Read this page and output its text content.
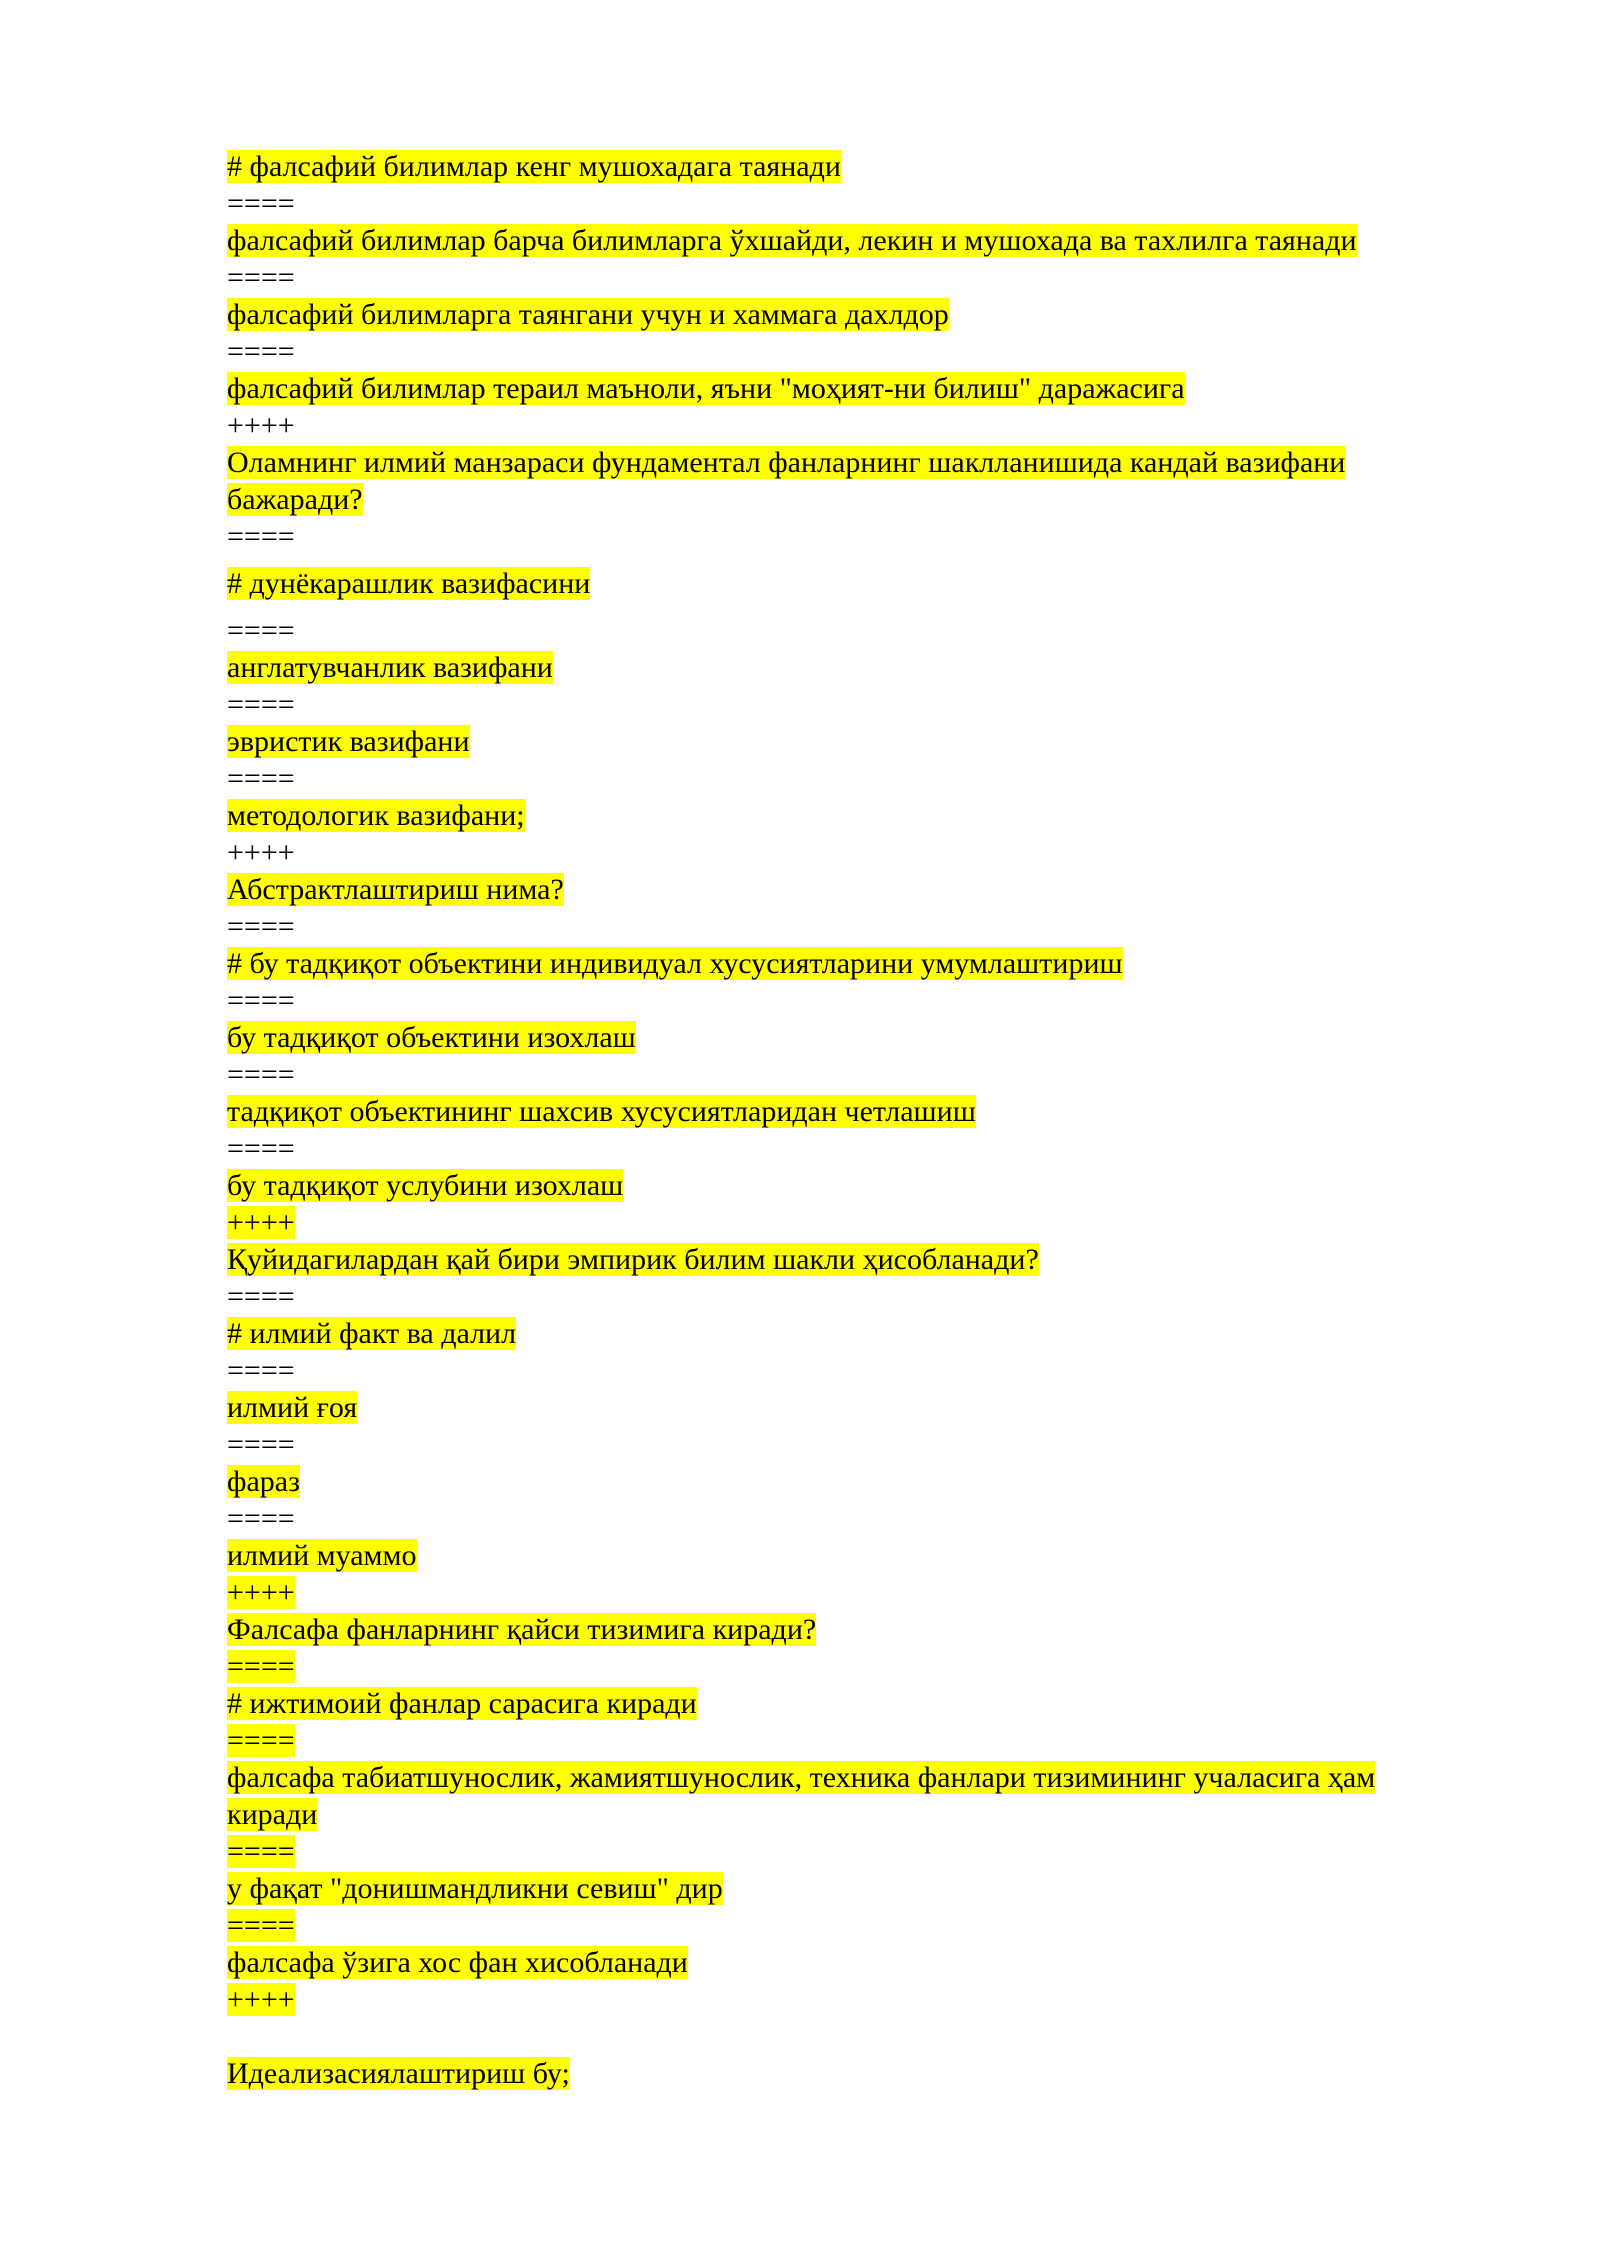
# фалсафий билимлар кенг мушохадага таянади
====
фалсафий билимлар барча билимларга ўхшайди, лекин и мушохада ва тахлилга таянади
====
фалсафий билимларга таянгани учун и хаммага дахлдор
====
фалсафий билимлар тераил маъноли, яъни "моҳият-ни билиш" даражасига
++++
Оламнинг илмий манзараси фундаментал фанларнинг шаклланишида кандай вазифани бажаради?
====
# дунёкарашлик вазифасини
====
англатувчанлик вазифани
====
эвристик вазифани
====
методологик вазифани;
++++
Абстрактлаштириш нима?
====
# бу тадқиқот объектини индивидуал хусусиятларини умумлаштириш
====
бу тадқиқот объектини изохлаш
====
тадқиқот объектининг шахсив хусусиятларидан четлашиш
====
бу тадқиқот услубини изохлаш
++++
Қуйидагилардан қай бири эмпирик билим шакли ҳисобланади?
====
# илмий факт ва далил
====
илмий ғоя
====
фараз
====
илмий муаммо
++++
Фалсафа фанларнинг қайси тизимига киради?
====
# ижтимоий фанлар сарасига киради
====
фалсафа табиатшунослик, жамиятшунослик, техника фанлари тизимининг учаласига ҳам киради
====
у фақат "донишмандликни севиш" дир
====
фалсафа ўзига хос фан хисобланади
++++
Идеализасиялаштириш бу;
